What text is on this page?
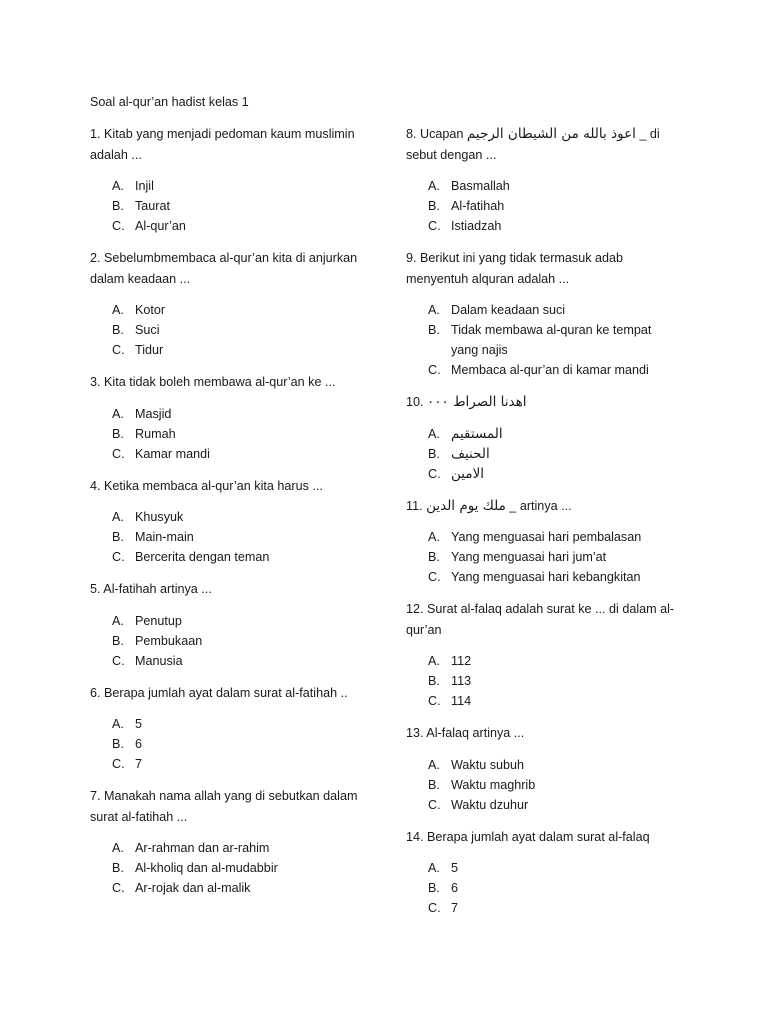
Soal al-qur’an hadist kelas 1

1. Kitab yang menjadi pedoman kaum muslimin adalah ...

A. Injil
B. Taurat
C. Al-qur’an

2. Sebelumbmembaca al-qur’an kita di anjurkan dalam keadaan ...

A. Kotor
B. Suci
C. Tidur

3. Kita tidak boleh membawa al-qur’an ke ...

A. Masjid
B. Rumah
C. Kamar mandi

4. Ketika membaca al-qur’an kita harus ...

A. Khusyuk
B. Main-main
C. Bercerita dengan teman

5. Al-fatihah artinya ...

A. Penutup
B. Pembukaan
C. Manusia

6. Berapa jumlah ayat dalam surat al-fatihah ..

A. 5
B. 6
C. 7

7. Manakah nama allah yang di sebutkan dalam surat al-fatihah ...

A. Ar-rahman dan ar-rahim
B. Al-kholiq dan al-mudabbir
C. Ar-rojak dan al-malik

8. Ucapan اعوذ بالله من الشيطان الرجيم _ di sebut dengan ...

A. Basmallah
B. Al-fatihah
C. Istiadzah

9. Berikut ini yang tidak termasuk adab menyentuh alquran adalah ...

A. Dalam keadaan suci
B. Tidak membawa al-quran ke tempat yang najis
C. Membaca al-qur’an di kamar mandi

10. اهدنا الصراط ٠٠٠

A. المستقيم
B. الحنيف
C. الامين

11. ملك يوم الدين _ artinya ...

A. Yang menguasai hari pembalasan
B. Yang menguasai hari jum’at
C. Yang menguasai hari kebangkitan

12. Surat al-falaq adalah surat ke ... di dalam al-qur’an

A. 112
B. 113
C. 114

13. Al-falaq artinya ...

A. Waktu subuh
B. Waktu maghrib
C. Waktu dzuhur

14. Berapa jumlah ayat dalam surat al-falaq

A. 5
B. 6
C. 7
